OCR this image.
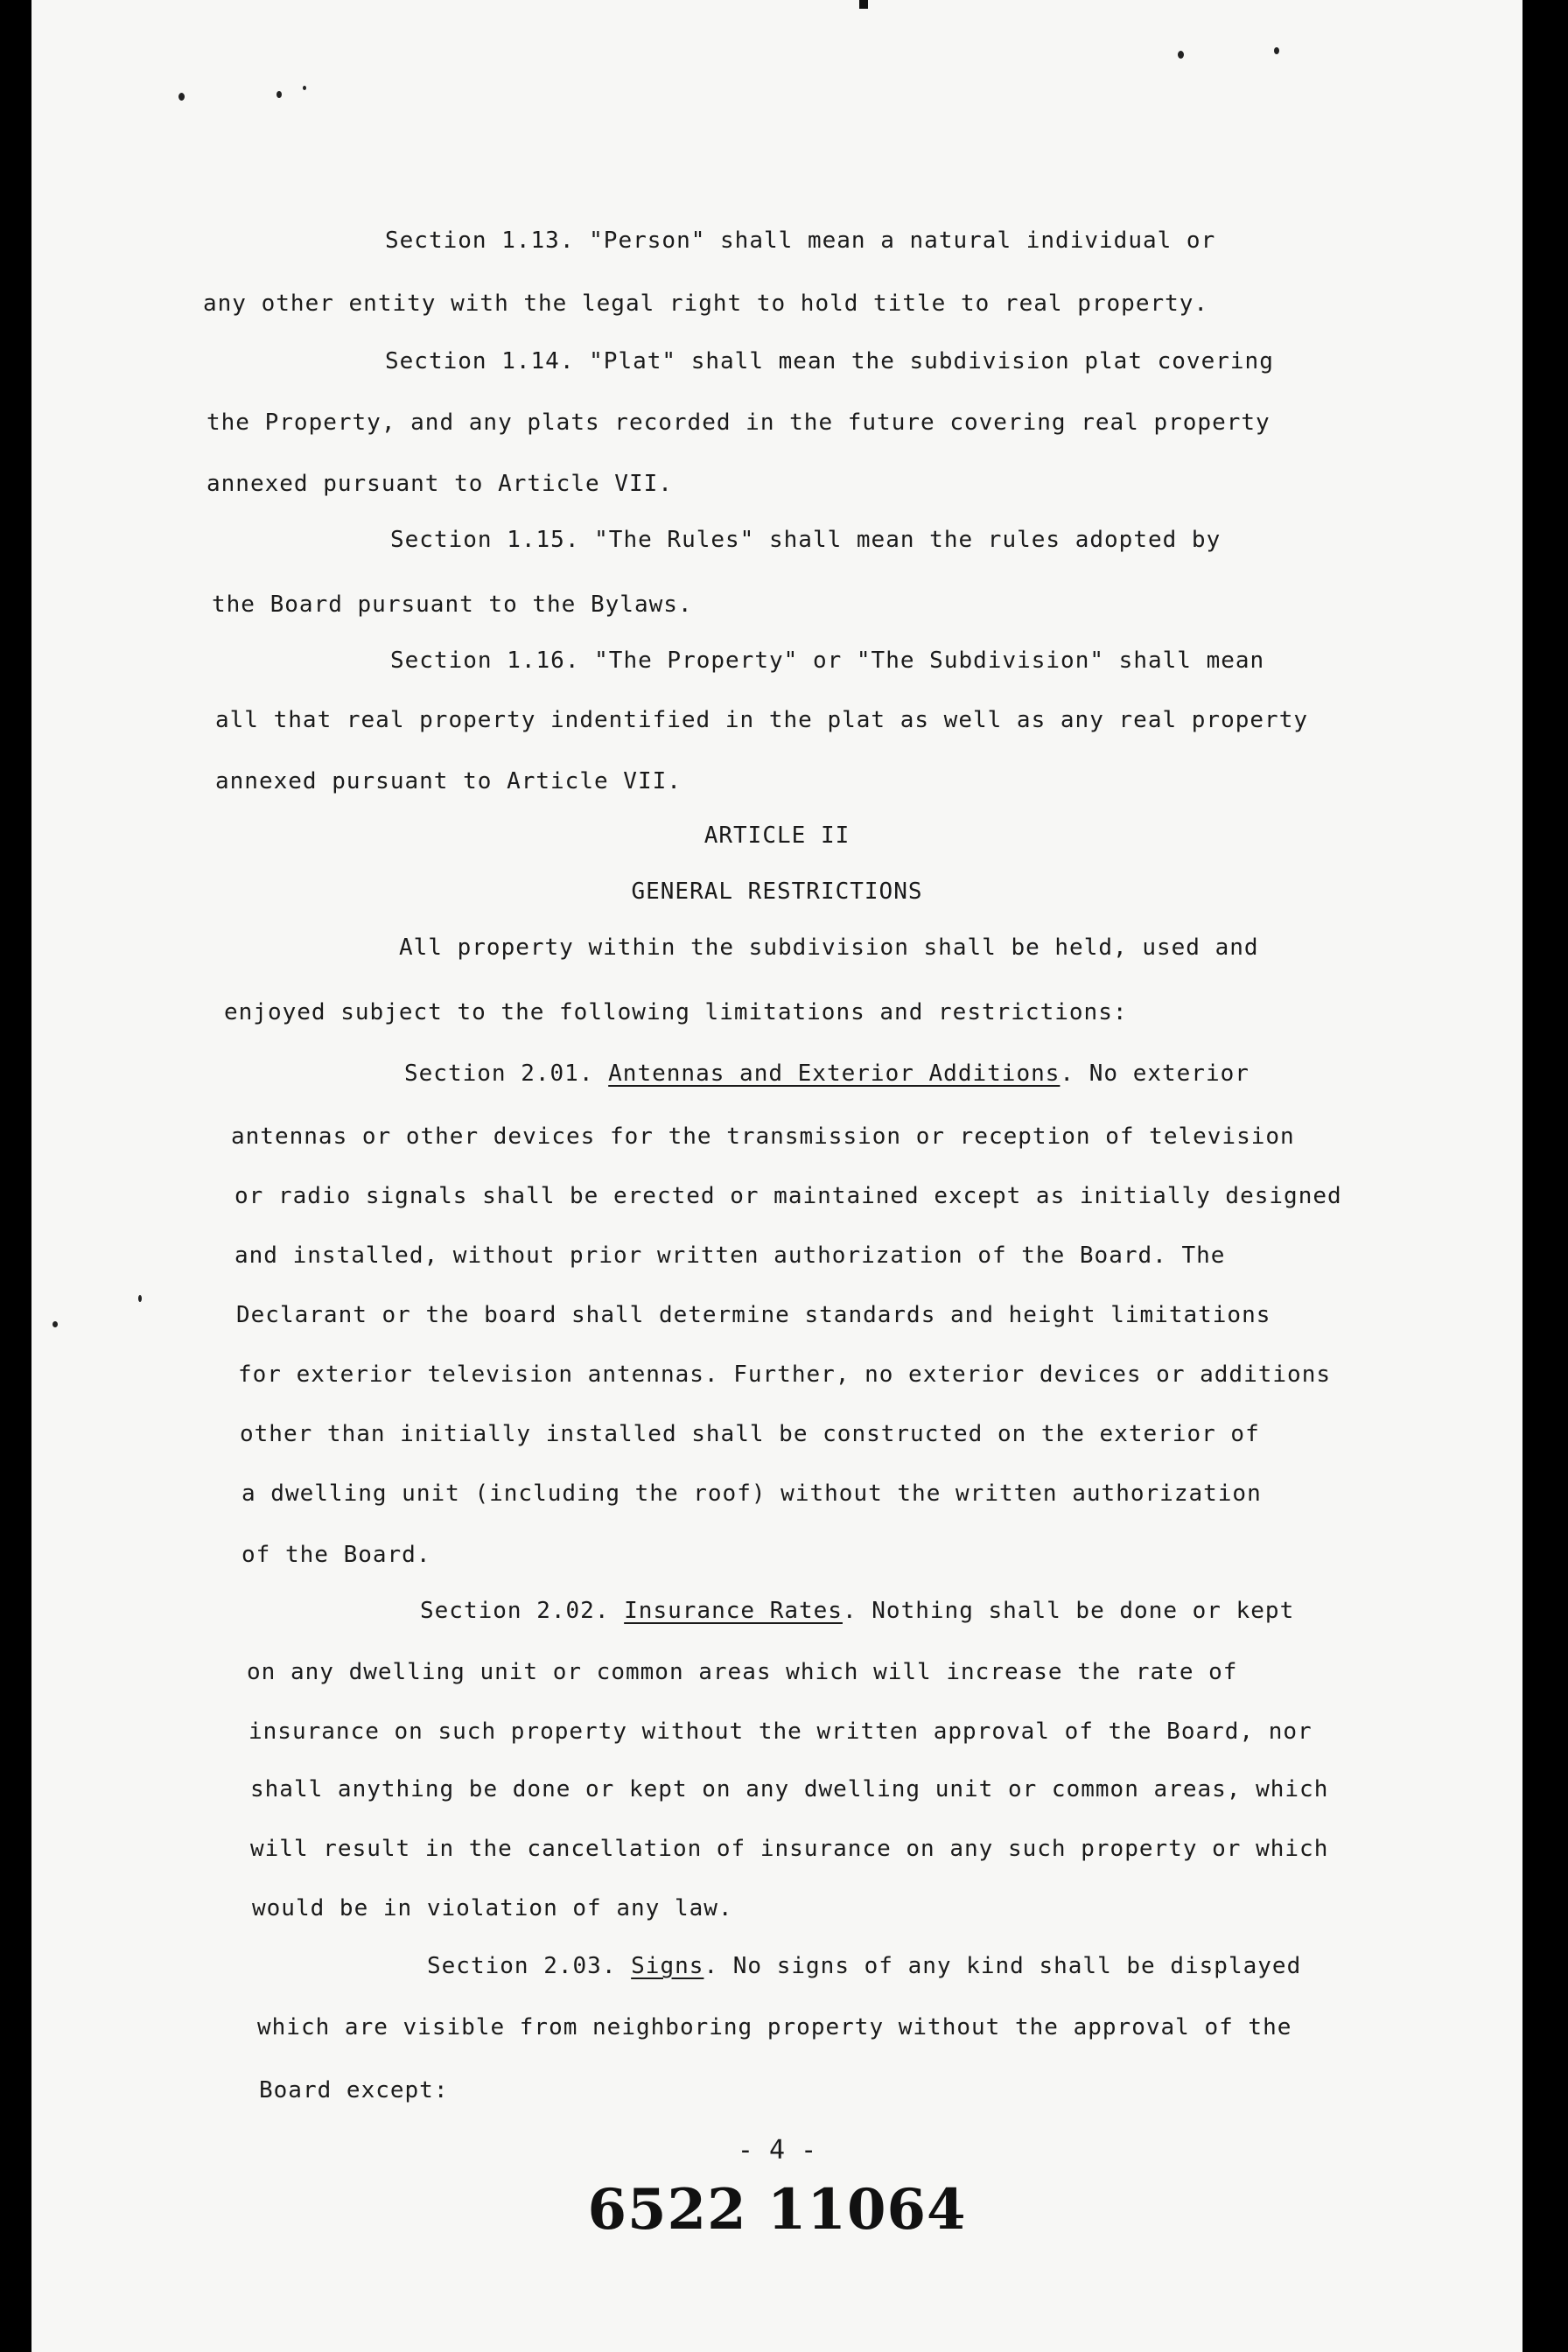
Section 1.13. "Person" shall mean a natural individual or
any other entity with the legal right to hold title to real property.
Section 1.14. "Plat" shall mean the subdivision plat covering
the Property, and any plats recorded in the future covering real property
annexed pursuant to Article VII.
Section 1.15. "The Rules" shall mean the rules adopted by
the Board pursuant to the Bylaws.
Section 1.16. "The Property" or "The Subdivision" shall mean
all that real property indentified in the plat as well as any real property
annexed pursuant to Article VII.
ARTICLE II
GENERAL RESTRICTIONS
All property within the subdivision shall be held, used and
enjoyed subject to the following limitations and restrictions:
Section 2.01. Antennas and Exterior Additions. No exterior
antennas or other devices for the transmission or reception of television
or radio signals shall be erected or maintained except as initially designed
and installed, without prior written authorization of the Board. The
Declarant or the board shall determine standards and height limitations
for exterior television antennas. Further, no exterior devices or additions
other than initially installed shall be constructed on the exterior of
a dwelling unit (including the roof) without the written authorization
of the Board.
Section 2.02. Insurance Rates. Nothing shall be done or kept
on any dwelling unit or common areas which will increase the rate of
insurance on such property without the written approval of the Board, nor
shall anything be done or kept on any dwelling unit or common areas, which
will result in the cancellation of insurance on any such property or which
would be in violation of any law.
Section 2.03. Signs. No signs of any kind shall be displayed
which are visible from neighboring property without the approval of the
Board except:
- 4 -
6522 11064
